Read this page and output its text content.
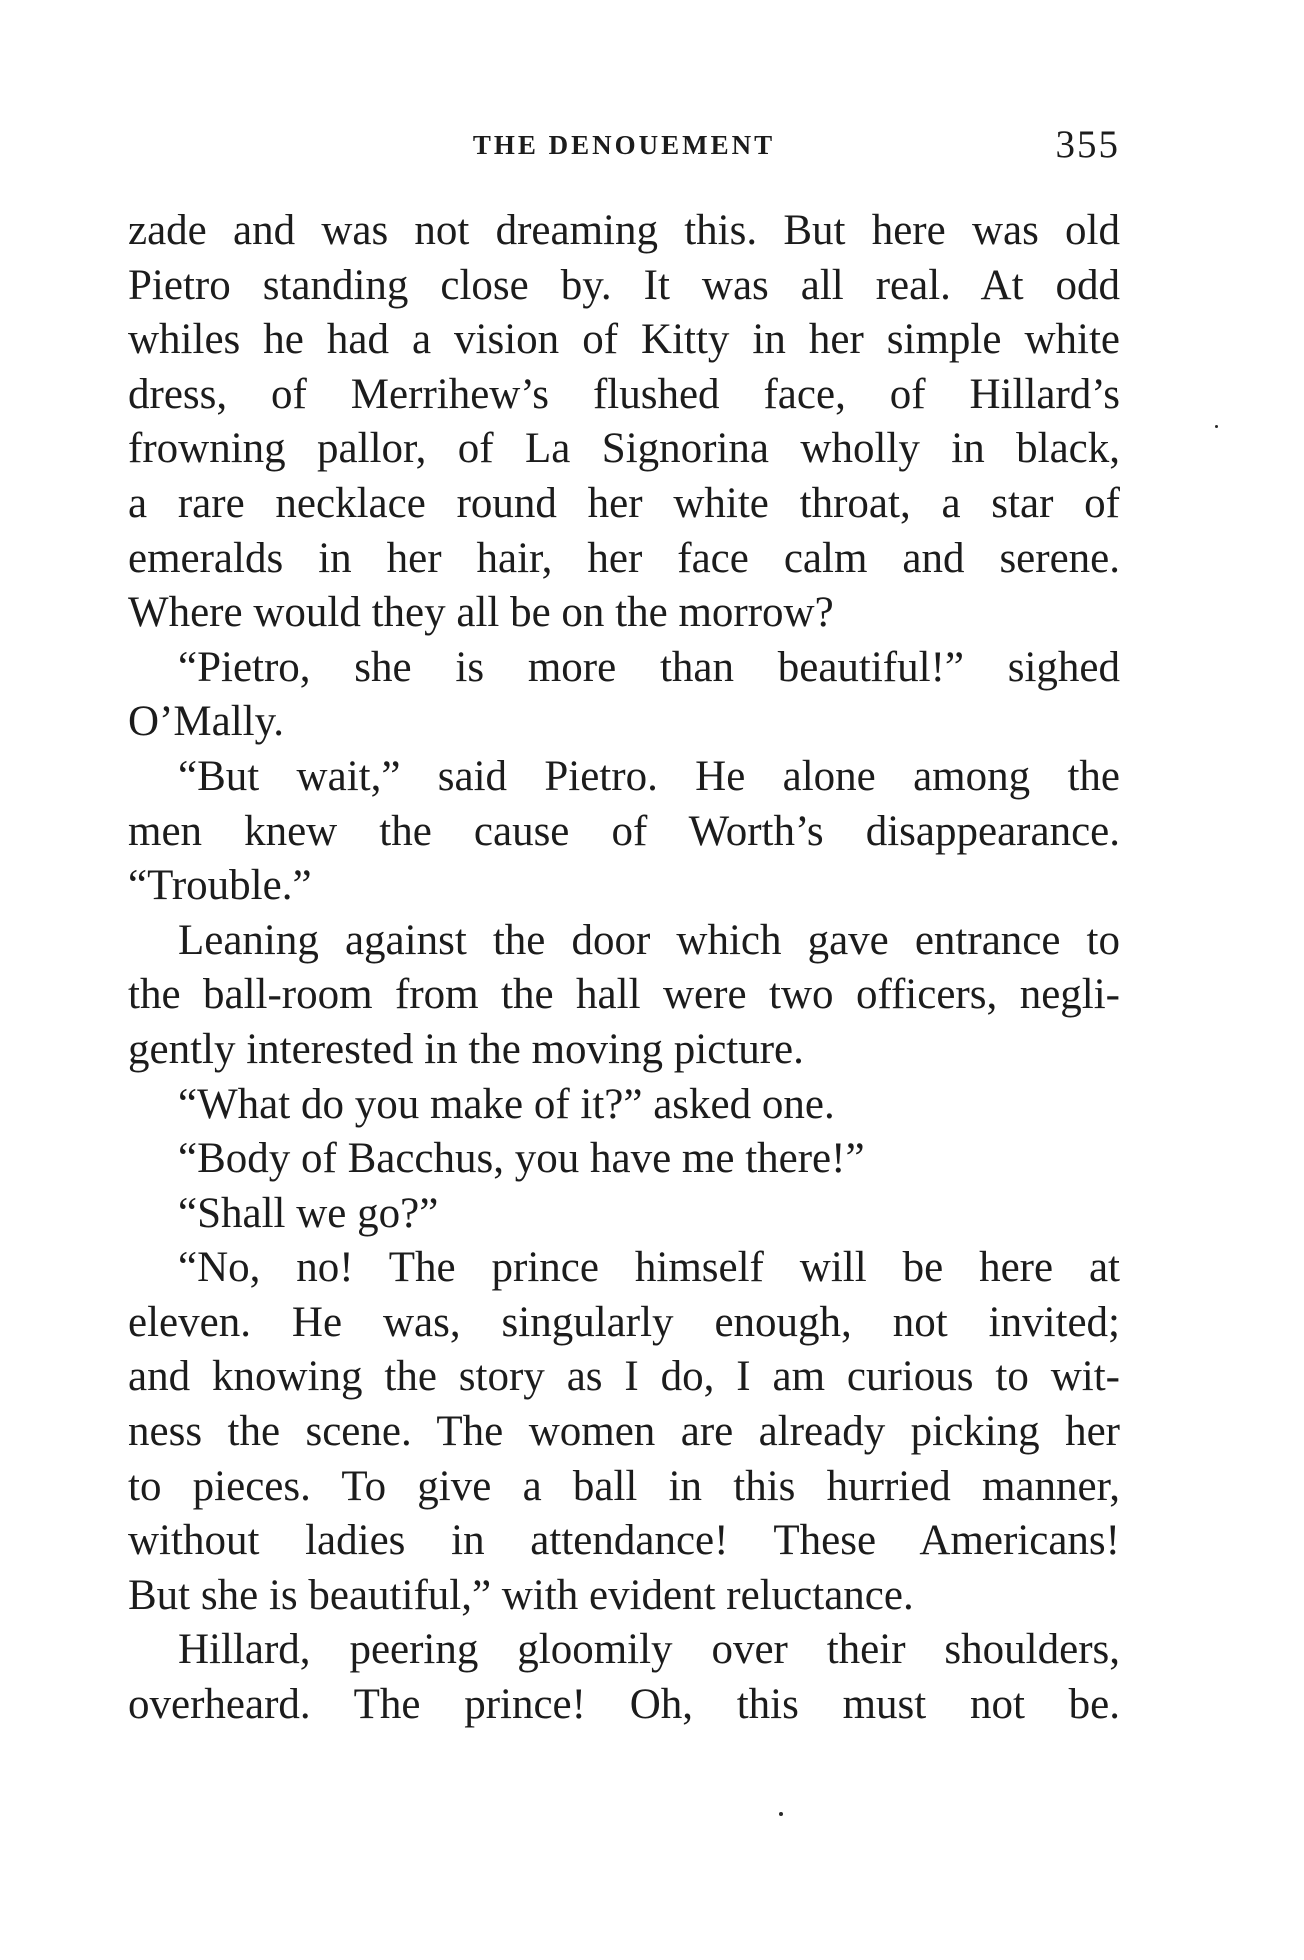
THE DENOUEMENT	355
zade and was not dreaming this. But here was old
Pietro standing close by. It was all real. At odd
whiles he had a vision of Kitty in her simple white
dress, of Merrihew’s flushed face, of Hillard’s
frowning pallor, of La Signorina wholly in black,
a rare necklace round her white throat, a star of
emeralds in her hair, her face calm and serene.
Where would they all be on the morrow?
“Pietro, she is more than beautiful!” sighed
O’Mally.
“But wait,” said Pietro. He alone among the
men knew the cause of Worth’s disappearance.
“Trouble.”
Leaning against the door which gave entrance to
the ball-room from the hall were two officers, negli-
gently interested in the moving picture.
“What do you make of it?” asked one.
“Body of Bacchus, you have me there!”
“Shall we go?”
“No, no! The prince himself will be here at
eleven. He was, singularly enough, not invited;
and knowing the story as I do, I am curious to wit-
ness the scene. The women are already picking her
to pieces. To give a ball in this hurried manner,
without ladies in attendance! These Americans!
But she is beautiful,” with evident reluctance.
Hillard, peering gloomily over their shoulders,
overheard. The prince! Oh, this must not be.
